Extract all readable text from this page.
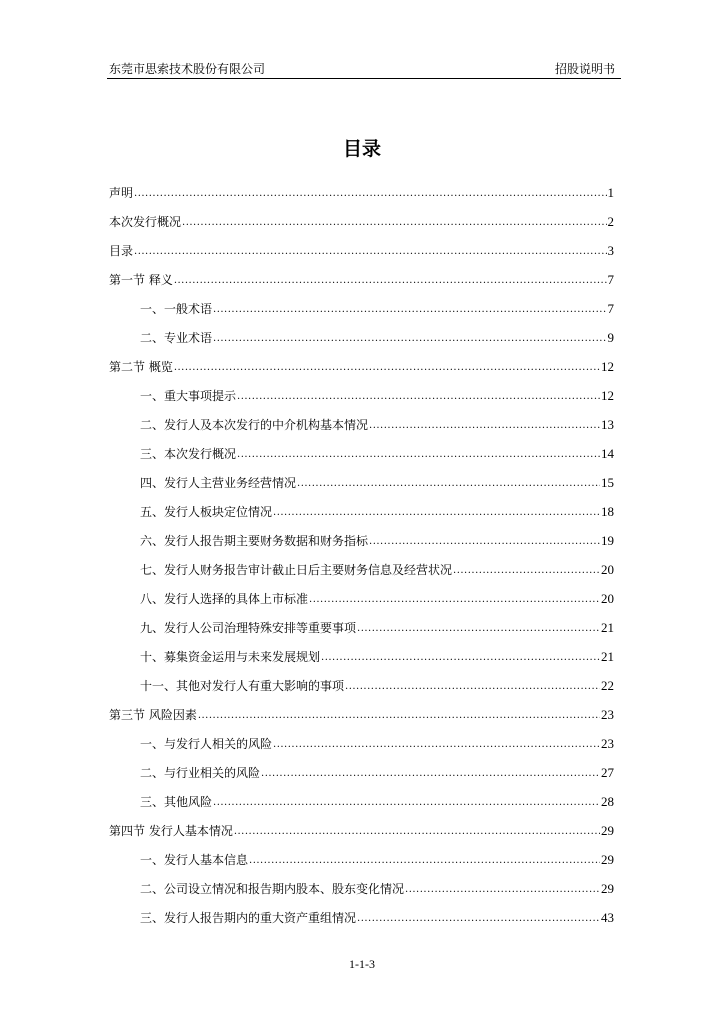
东莞市思索技术股份有限公司	招股说明书
目录
声明 .....	1
本次发行概况 .....	2
目录 .....	3
第一节 释义 .....	7
一、一般术语 .....	7
二、专业术语 .....	9
第二节 概览 .....	12
一、重大事项提示 .....	12
二、发行人及本次发行的中介机构基本情况 .....	13
三、本次发行概况 .....	14
四、发行人主营业务经营情况 .....	15
五、发行人板块定位情况 .....	18
六、发行人报告期主要财务数据和财务指标 .....	19
七、发行人财务报告审计截止日后主要财务信息及经营状况 .....	20
八、发行人选择的具体上市标准 .....	20
九、发行人公司治理特殊安排等重要事项 .....	21
十、募集资金运用与未来发展规划 .....	21
十一、其他对发行人有重大影响的事项 .....	22
第三节 风险因素 .....	23
一、与发行人相关的风险 .....	23
二、与行业相关的风险 .....	27
三、其他风险 .....	28
第四节 发行人基本情况 .....	29
一、发行人基本信息 .....	29
二、公司设立情况和报告期内股本、股东变化情况 .....	29
三、发行人报告期内的重大资产重组情况 .....	43
1-1-3
